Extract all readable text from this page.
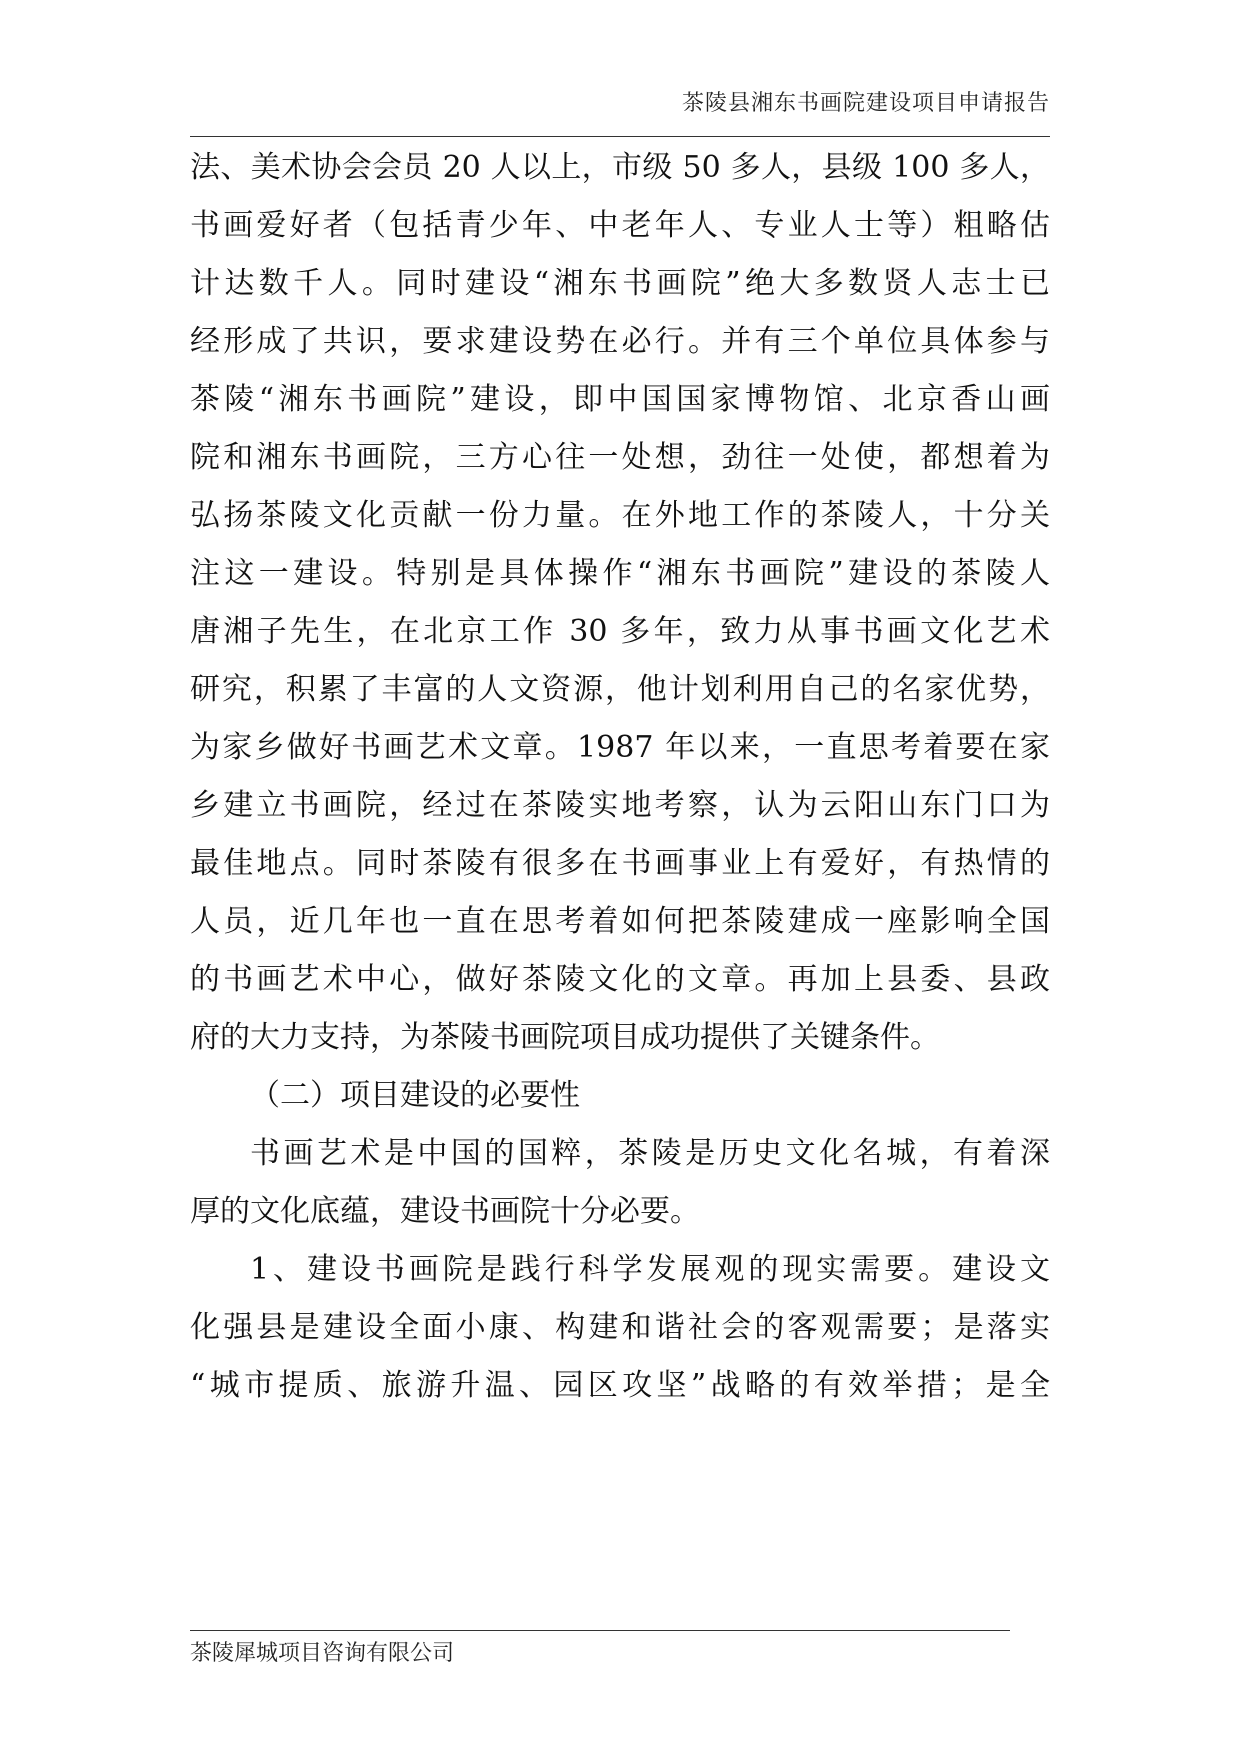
茶陵县湘东书画院建设项目申请报告
法、美术协会会员 20 人以上，市级 50 多人，县级 100 多人，
书画爱好者（包括青少年、中老年人、专业人士等）粗略估
计达数千人。同时建设“湘东书画院”绝大多数贤人志士已
经形成了共识，要求建设势在必行。并有三个单位具体参与
茶陵“湘东书画院”建设，即中国国家博物馆、北京香山画
院和湘东书画院，三方心往一处想，劲往一处使，都想着为
弘扬茶陵文化贡献一份力量。在外地工作的茶陵人，十分关
注这一建设。特别是具体操作“湘东书画院”建设的茶陵人
唐湘子先生，在北京工作 30 多年，致力从事书画文化艺术
研究，积累了丰富的人文资源，他计划利用自己的名家优势，
为家乡做好书画艺术文章。1987 年以来，一直思考着要在家
乡建立书画院，经过在茶陵实地考察，认为云阳山东门口为
最佳地点。同时茶陵有很多在书画事业上有爱好，有热情的
人员，近几年也一直在思考着如何把茶陵建成一座影响全国
的书画艺术中心，做好茶陵文化的文章。再加上县委、县政
府的大力支持，为茶陵书画院项目成功提供了关键条件。
（二）项目建设的必要性
书画艺术是中国的国粹，茶陵是历史文化名城，有着深
厚的文化底蕴，建设书画院十分必要。
1、建设书画院是践行科学发展观的现实需要。建设文
化强县是建设全面小康、构建和谐社会的客观需要；是落实
“城市提质、旅游升温、园区攻坚”战略的有效举措；是全
茶陵犀城项目咨询有限公司
